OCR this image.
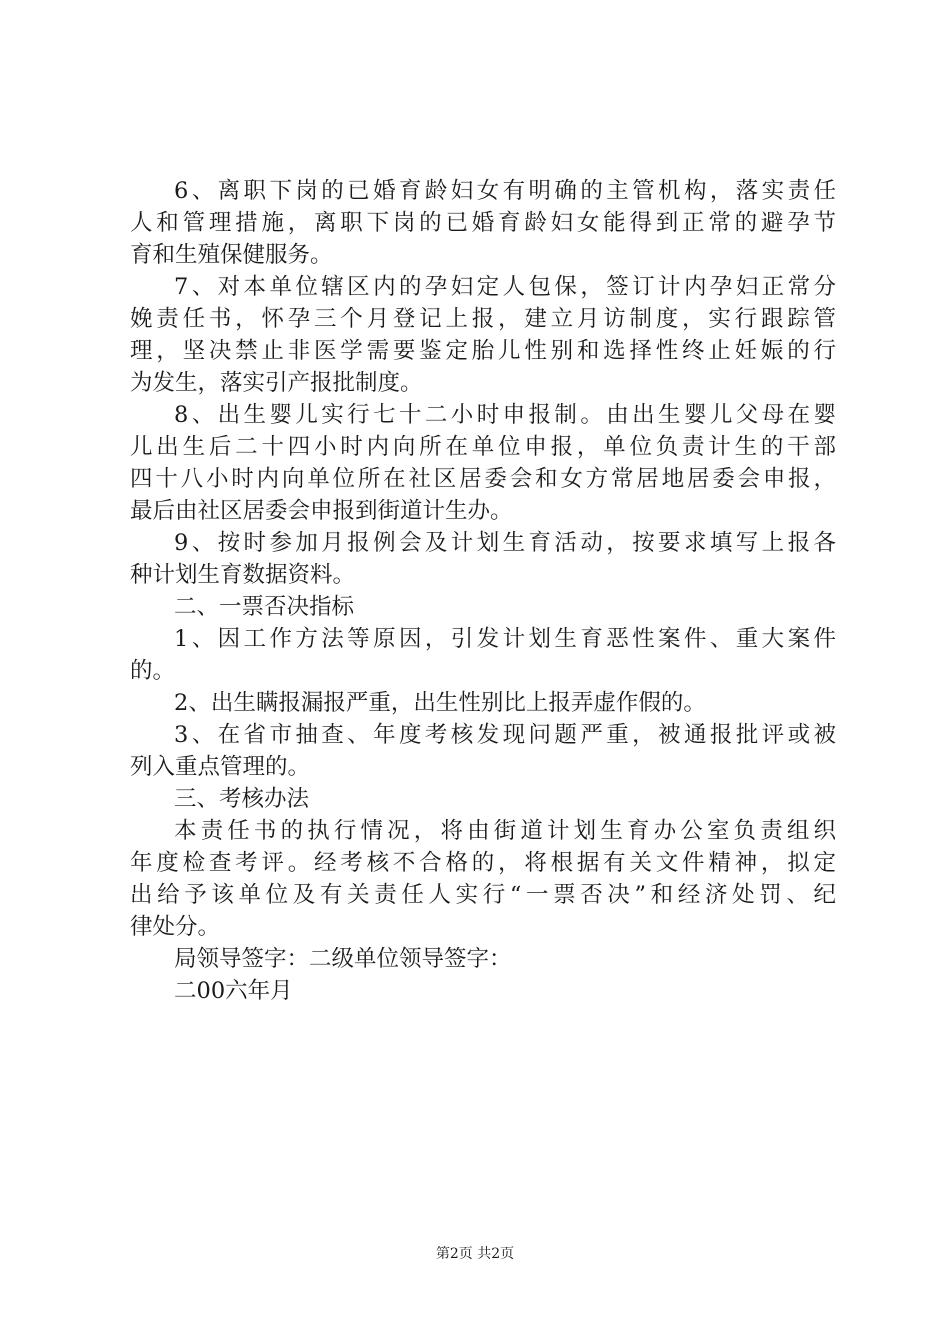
6、离职下岗的已婚育龄妇女有明确的主管机构，落实责任
人和管理措施，离职下岗的已婚育龄妇女能得到正常的避孕节
育和生殖保健服务。
7、对本单位辖区内的孕妇定人包保，签订计内孕妇正常分
娩责任书，怀孕三个月登记上报，建立月访制度，实行跟踪管
理，坚决禁止非医学需要鉴定胎儿性别和选择性终止妊娠的行
为发生，落实引产报批制度。
8、出生婴儿实行七十二小时申报制。由出生婴儿父母在婴
儿出生后二十四小时内向所在单位申报，单位负责计生的干部
四十八小时内向单位所在社区居委会和女方常居地居委会申报，
最后由社区居委会申报到街道计生办。
9、按时参加月报例会及计划生育活动，按要求填写上报各
种计划生育数据资料。
二、一票否决指标
1、因工作方法等原因，引发计划生育恶性案件、重大案件
的。
2、出生瞒报漏报严重，出生性别比上报弄虚作假的。
3、在省市抽查、年度考核发现问题严重，被通报批评或被
列入重点管理的。
三、考核办法
本责任书的执行情况，将由街道计划生育办公室负责组织
年度检查考评。经考核不合格的，将根据有关文件精神，拟定
出给予该单位及有关责任人实行“一票否决”和经济处罚、纪
律处分。
局领导签字：二级单位领导签字：
二00六年月
第2页 共2页
